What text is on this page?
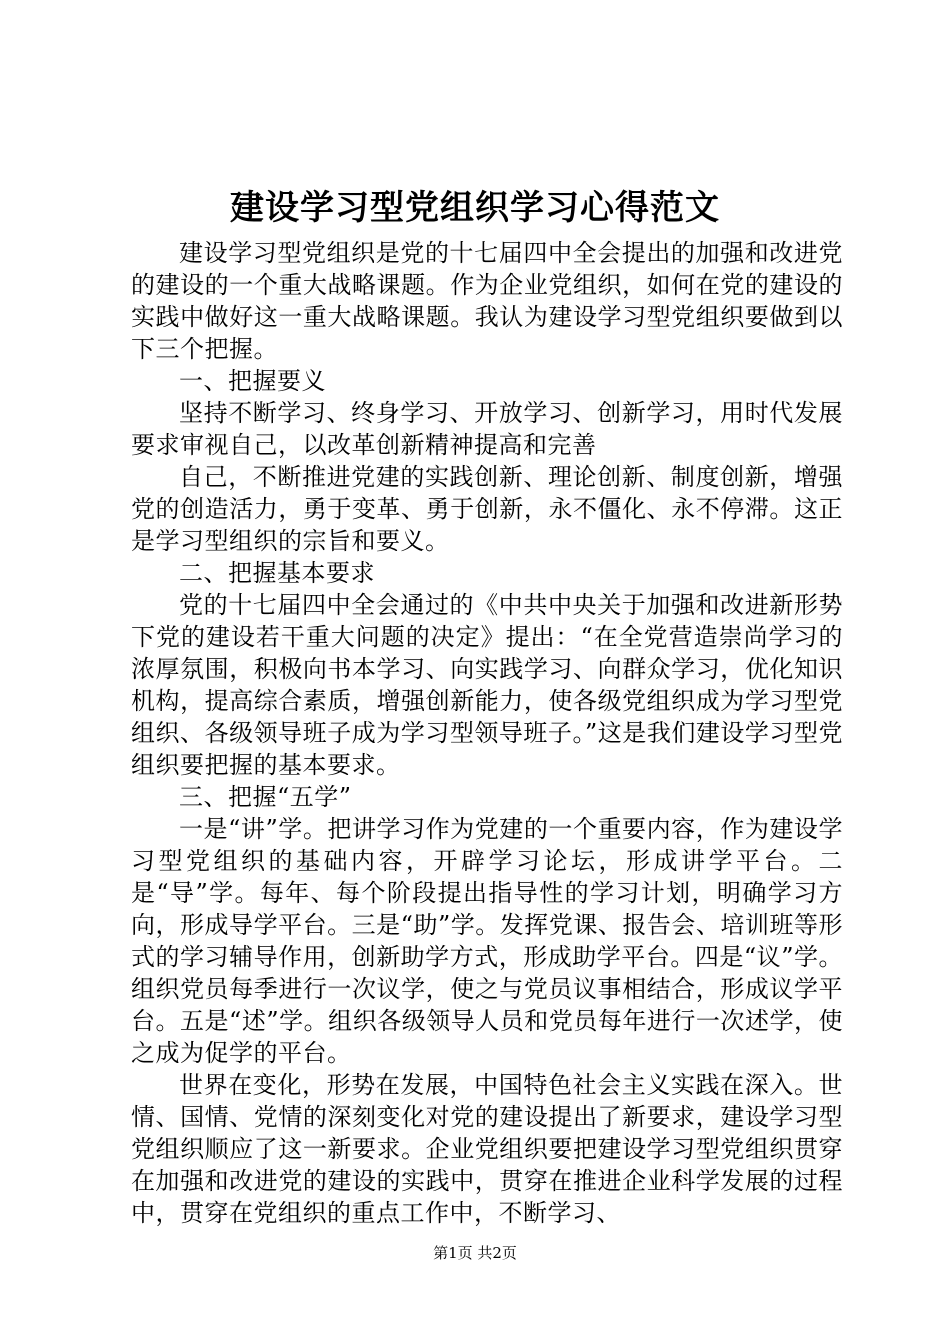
建设学习型党组织学习心得范文

建设学习型党组织是党的十七届四中全会提出的加强和改进党的建设的一个重大战略课题。作为企业党组织，如何在党的建设的实践中做好这一重大战略课题。我认为建设学习型党组织要做到以下三个把握。

一、把握要义

坚持不断学习、终身学习、开放学习、创新学习，用时代发展要求审视自己，以改革创新精神提高和完善

自己，不断推进党建的实践创新、理论创新、制度创新，增强党的创造活力，勇于变革、勇于创新，永不僵化、永不停滞。这正是学习型组织的宗旨和要义。

二、把握基本要求

党的十七届四中全会通过的《中共中央关于加强和改进新形势下党的建设若干重大问题的决定》提出：“在全党营造崇尚学习的浓厚氛围，积极向书本学习、向实践学习、向群众学习，优化知识机构，提高综合素质，增强创新能力，使各级党组织成为学习型党组织、各级领导班子成为学习型领导班子。”这是我们建设学习型党组织要把握的基本要求。

三、把握“五学”

一是“讲”学。把讲学习作为党建的一个重要内容，作为建设学习型党组织的基础内容，开辟学习论坛，形成讲学平台。二是“导”学。每年、每个阶段提出指导性的学习计划，明确学习方向，形成导学平台。三是“助”学。发挥党课、报告会、培训班等形式的学习辅导作用，创新助学方式，形成助学平台。四是“议”学。组织党员每季进行一次议学，使之与党员议事相结合，形成议学平台。五是“述”学。组织各级领导人员和党员每年进行一次述学，使之成为促学的平台。

世界在变化，形势在发展，中国特色社会主义实践在深入。世情、国情、党情的深刻变化对党的建设提出了新要求，建设学习型党组织顺应了这一新要求。企业党组织要把建设学习型党组织贯穿在加强和改进党的建设的实践中，贯穿在推进企业科学发展的过程中，贯穿在党组织的重点工作中，不断学习、

第1页 共2页
